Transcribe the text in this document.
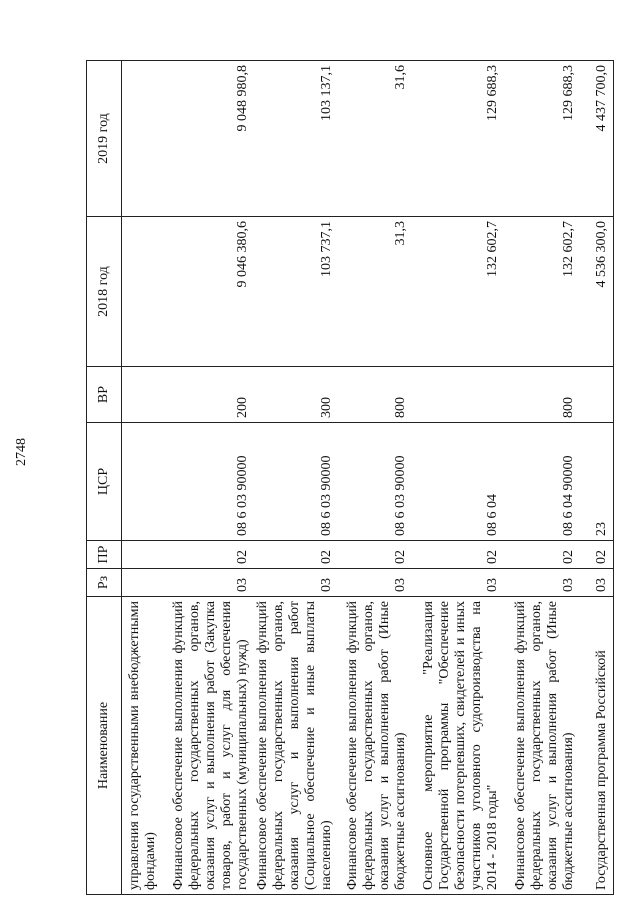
2748
Наименование	Рз	ПР	ЦСР	ВР	2018 год	2019 год
управления государственными внебюджетными фондами)						
Финансовое обеспечение выполнения функций федеральных государственных органов, оказания услуг и выполнения работ (Закупка товаров, работ и услуг для обеспечения государственных (муниципальных) нужд)	03	02	08 6 03 90000	200	9 046 380,6	9 048 980,8
Финансовое обеспечение выполнения функций федеральных государственных органов, оказания услуг и выполнения работ (Социальное обеспечение и иные выплаты населению)	03	02	08 6 03 90000	300	103 737,1	103 137,1
Финансовое обеспечение выполнения функций федеральных государственных органов, оказания услуг и выполнения работ (Иные бюджетные ассигнования)	03	02	08 6 03 90000	800	31,3	31,6
Основное мероприятие "Реализация Государственной программы "Обеспечение безопасности потерпевших, свидетелей и иных участников уголовного судопроизводства на 2014 - 2018 годы"	03	02	08 6 04		132 602,7	129 688,3
Финансовое обеспечение выполнения функций федеральных государственных органов, оказания услуг и выполнения работ (Иные бюджетные ассигнования)	03	02	08 6 04 90000	800	132 602,7	129 688,3
Государственная программа Российской	03	02	23		4 536 300,0	4 437 700,0
